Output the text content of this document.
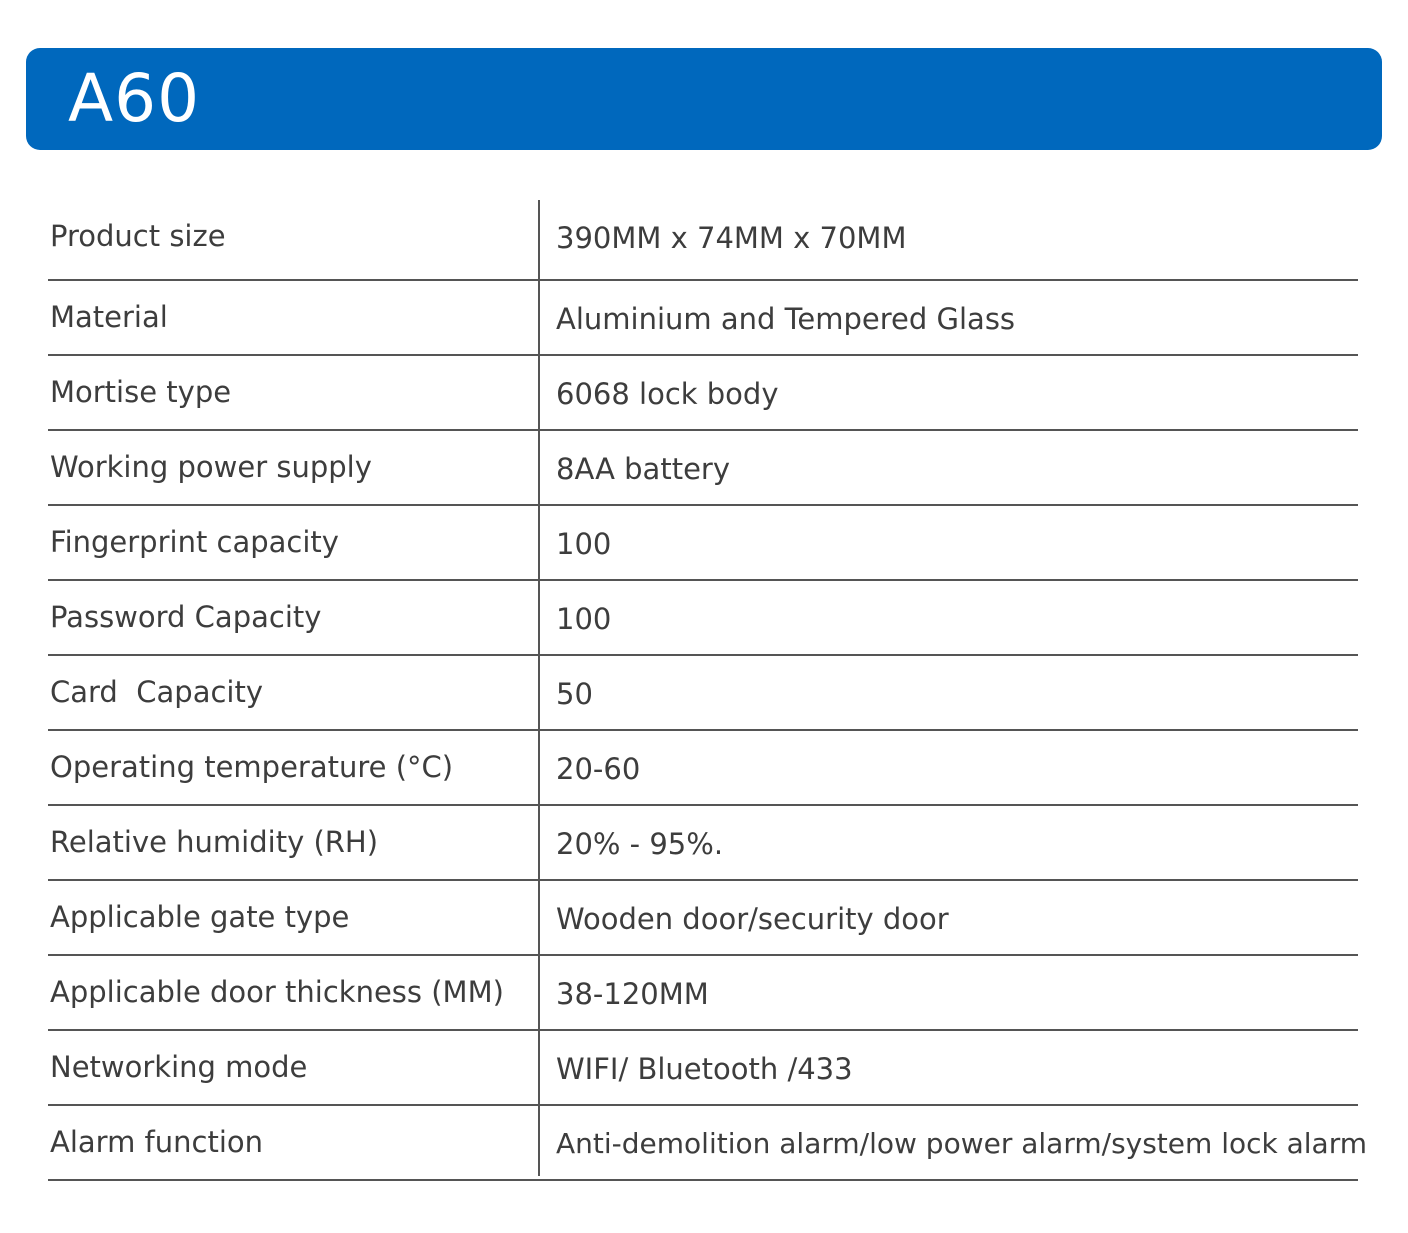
A60
Product size	390MM x 74MM x 70MM
Material	Aluminium and Tempered Glass
Mortise type	6068 lock body
Working power supply	8AA battery
Fingerprint capacity	100
Password Capacity	100
Card  Capacity	50
Operating temperature (°C)	20-60
Relative humidity (RH)	20% - 95%.
Applicable gate type	Wooden door/security door
Applicable door thickness (MM) 38-120MM
Networking mode	WIFI/ Bluetooth /433
Alarm function	Anti-demolition alarm/low power alarm/system lock alarm
